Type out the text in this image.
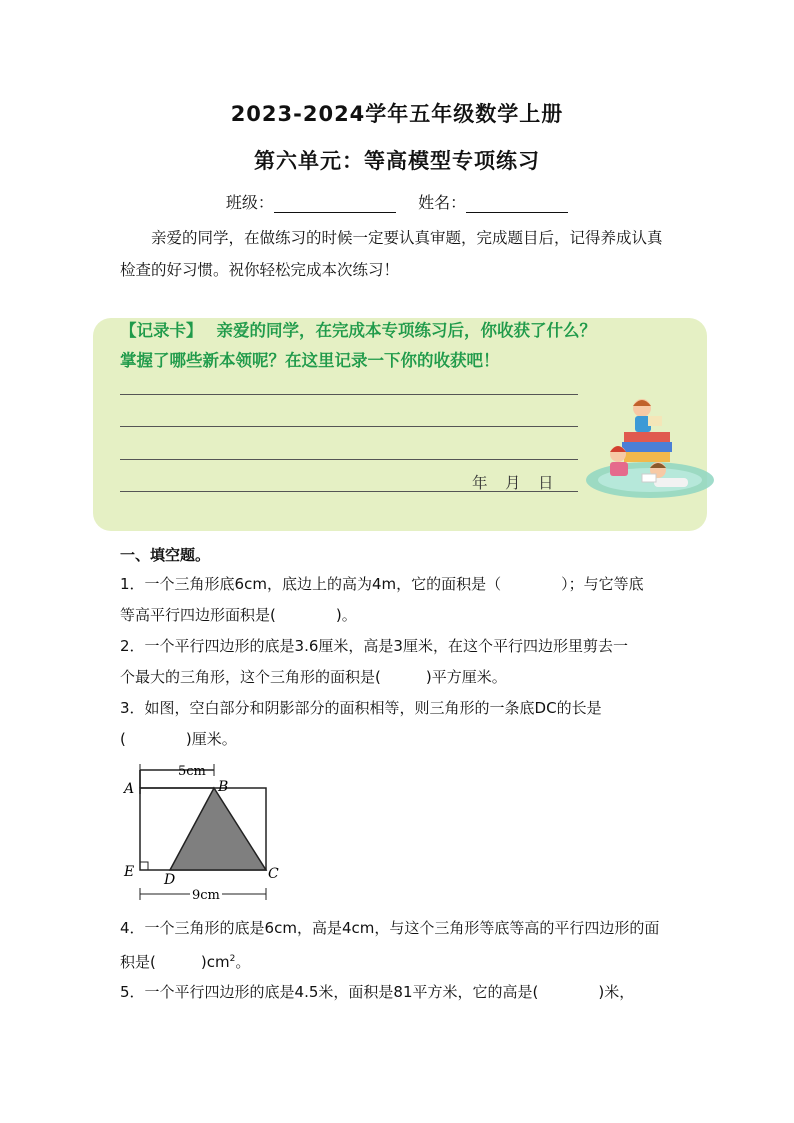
2023-2024学年五年级数学上册
第六单元：等高模型专项练习
班级：	姓名：
亲爱的同学，在做练习的时候一定要认真审题，完成题目后，记得养成认真
检查的好习惯。祝你轻松完成本次练习！
【记录卡】　 亲爱的同学，在完成本专项练习后，你收获了什么？
掌握了哪些新本领呢？在这里记录一下你的收获吧！
年　月　日
一、填空题。
1．一个三角形底6cm，底边上的高为4m，它的面积是（　　　　）；与它等底
等高平行四边形面积是(　　　　)。
2．一个平行四边形的底是3.6厘米，高是3厘米，在这个平行四边形里剪去一
个最大的三角形，这个三角形的面积是(　　　)平方厘米。
3．如图，空白部分和阴影部分的面积相等，则三角形的一条底DC的长是
(　　　　)厘米。
5cm
9cm
A	B
C
D
E
4．一个三角形的底是6cm，高是4cm，与这个三角形等底等高的平行四边形的面
积是(　　　)$cm^2$。
5．一个平行四边形的底是4.5米，面积是81平方米，它的高是(　　　　)米，
